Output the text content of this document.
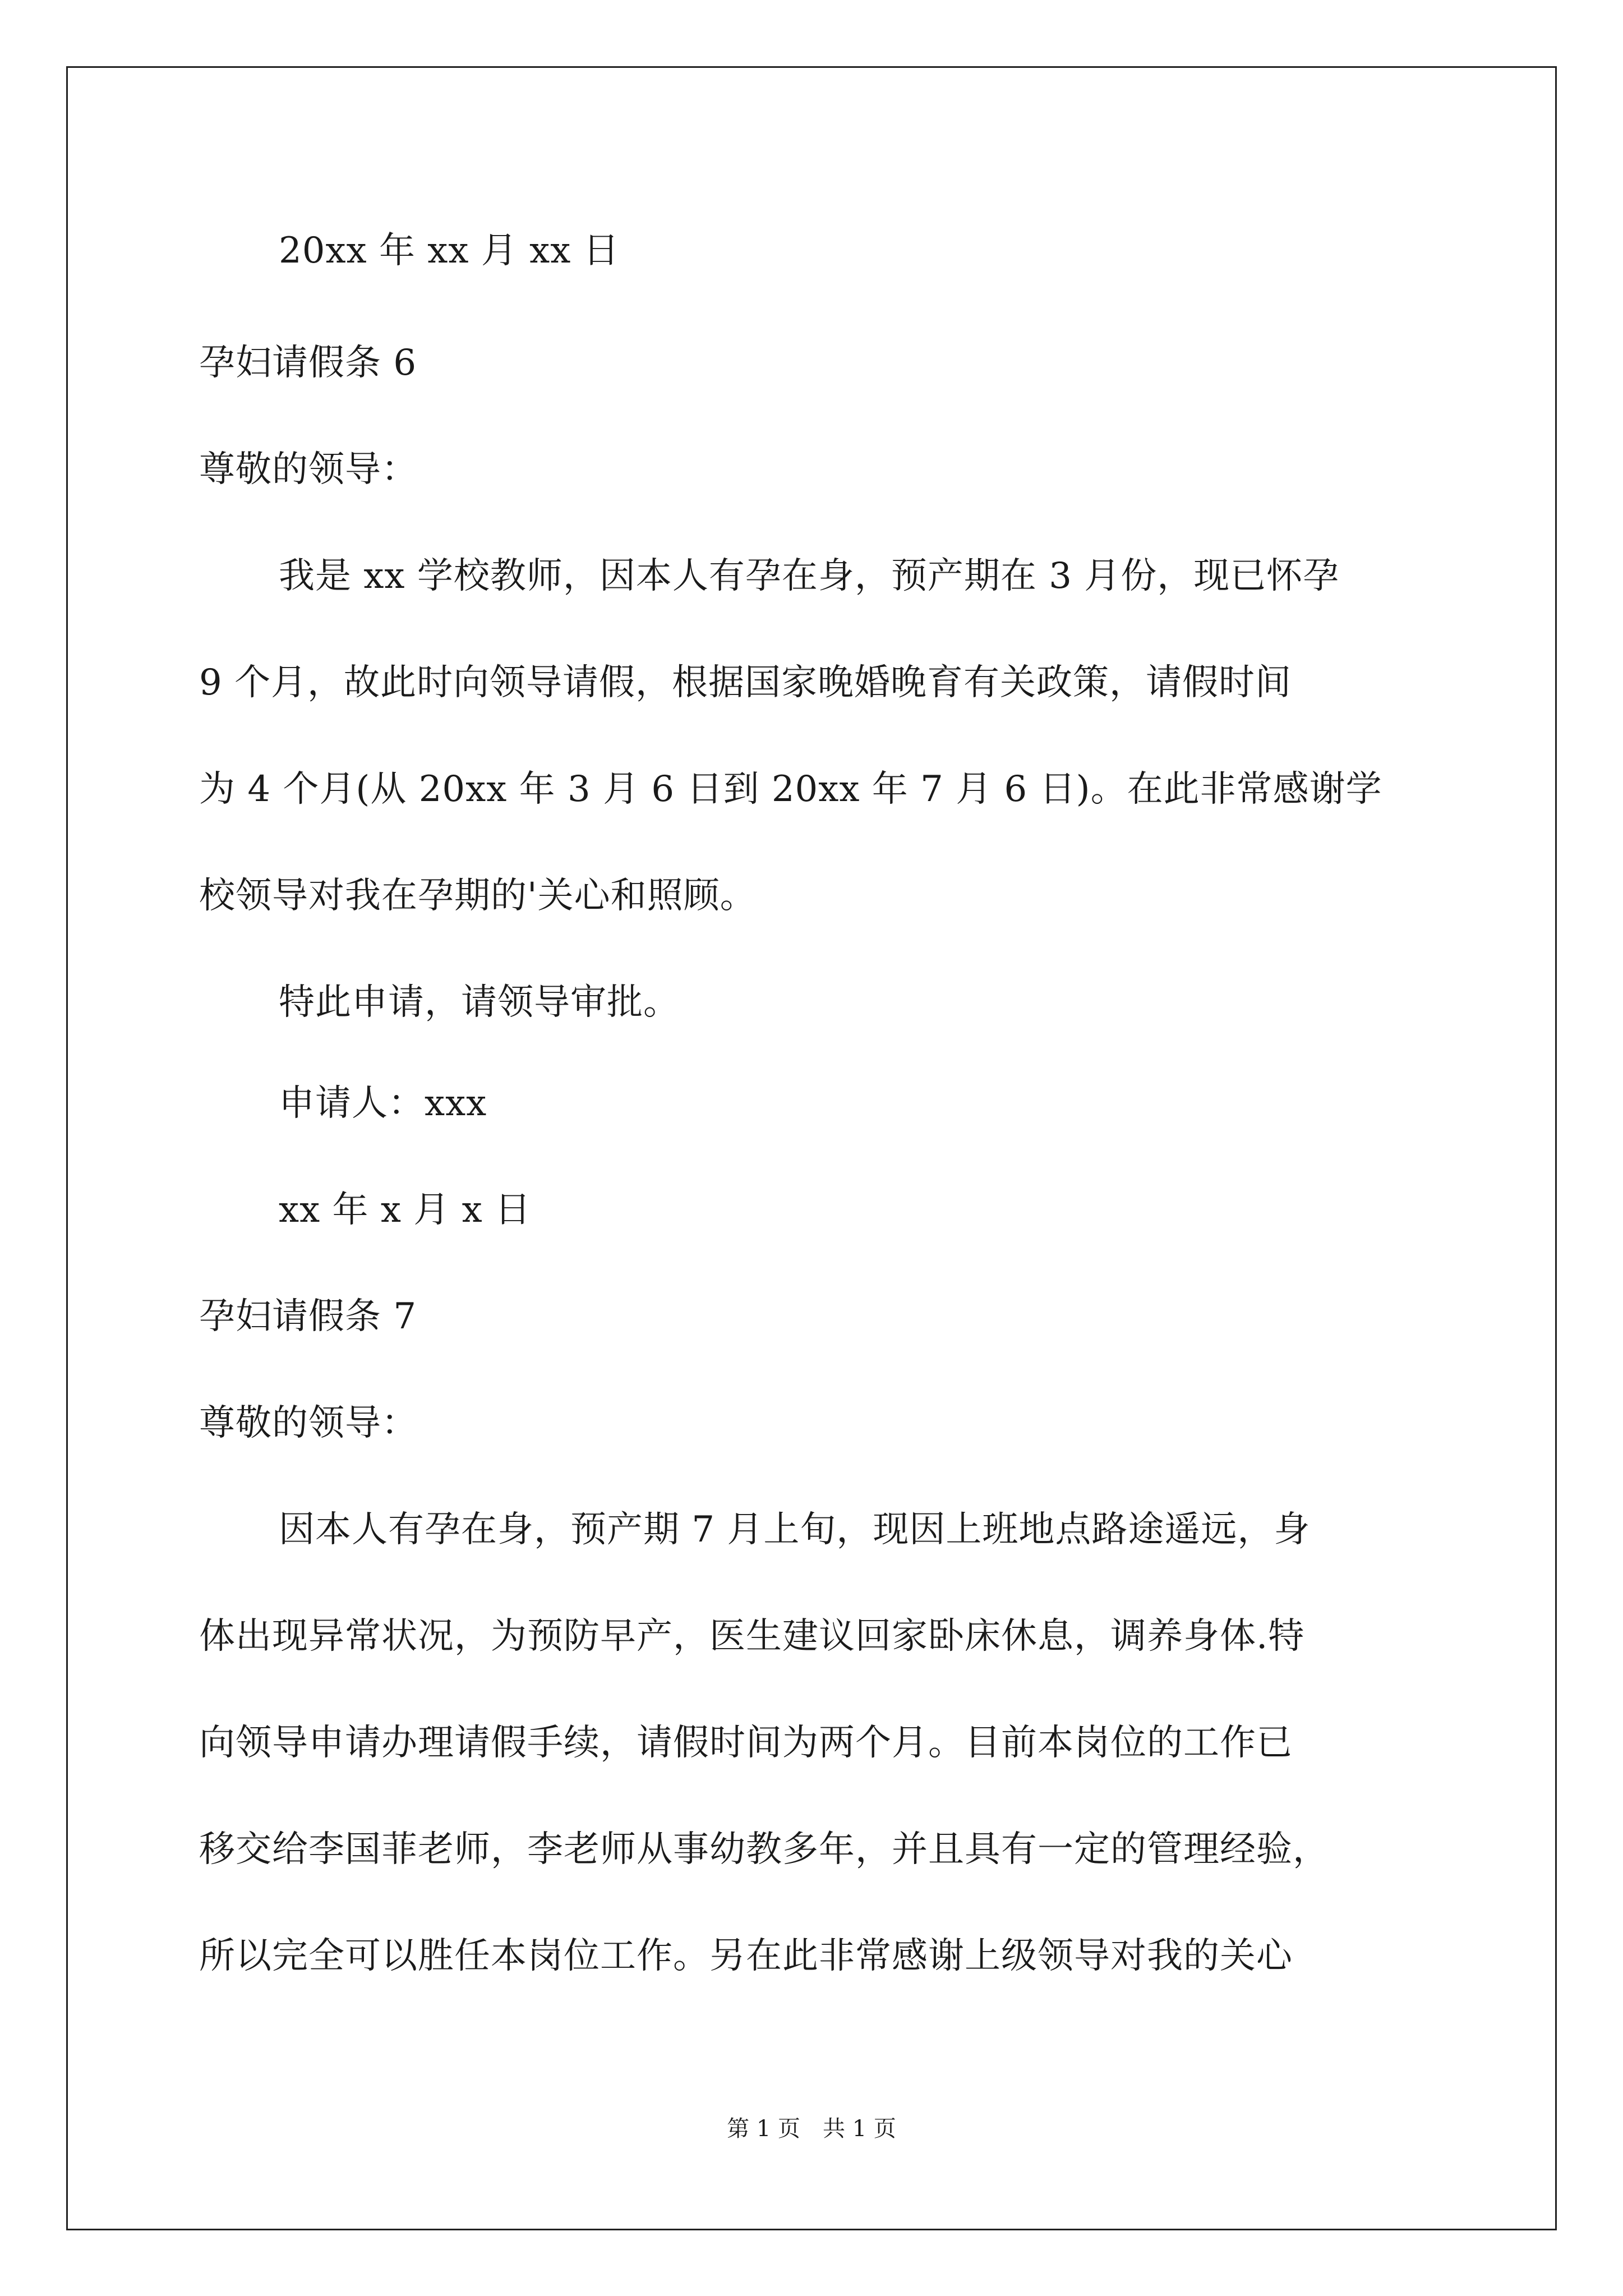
20xx 年 xx 月 xx 日
孕妇请假条 6
尊敬的领导：
我是 xx 学校教师，因本人有孕在身，预产期在 3 月份，现已怀孕
9 个月，故此时向领导请假，根据国家晚婚晚育有关政策，请假时间
为 4 个月(从 20xx 年 3 月 6 日到 20xx 年 7 月 6 日)。在此非常感谢学
校领导对我在孕期的'关心和照顾。
特此申请，请领导审批。
申请人：xxx
xx 年 x 月 x 日
孕妇请假条 7
尊敬的领导：
因本人有孕在身，预产期 7 月上旬，现因上班地点路途遥远，身
体出现异常状况，为预防早产，医生建议回家卧床休息，调养身体.特
向领导申请办理请假手续，请假时间为两个月。目前本岗位的工作已
移交给李国菲老师，李老师从事幼教多年，并且具有一定的管理经验，
所以完全可以胜任本岗位工作。另在此非常感谢上级领导对我的关心
第 1 页　共 1 页
